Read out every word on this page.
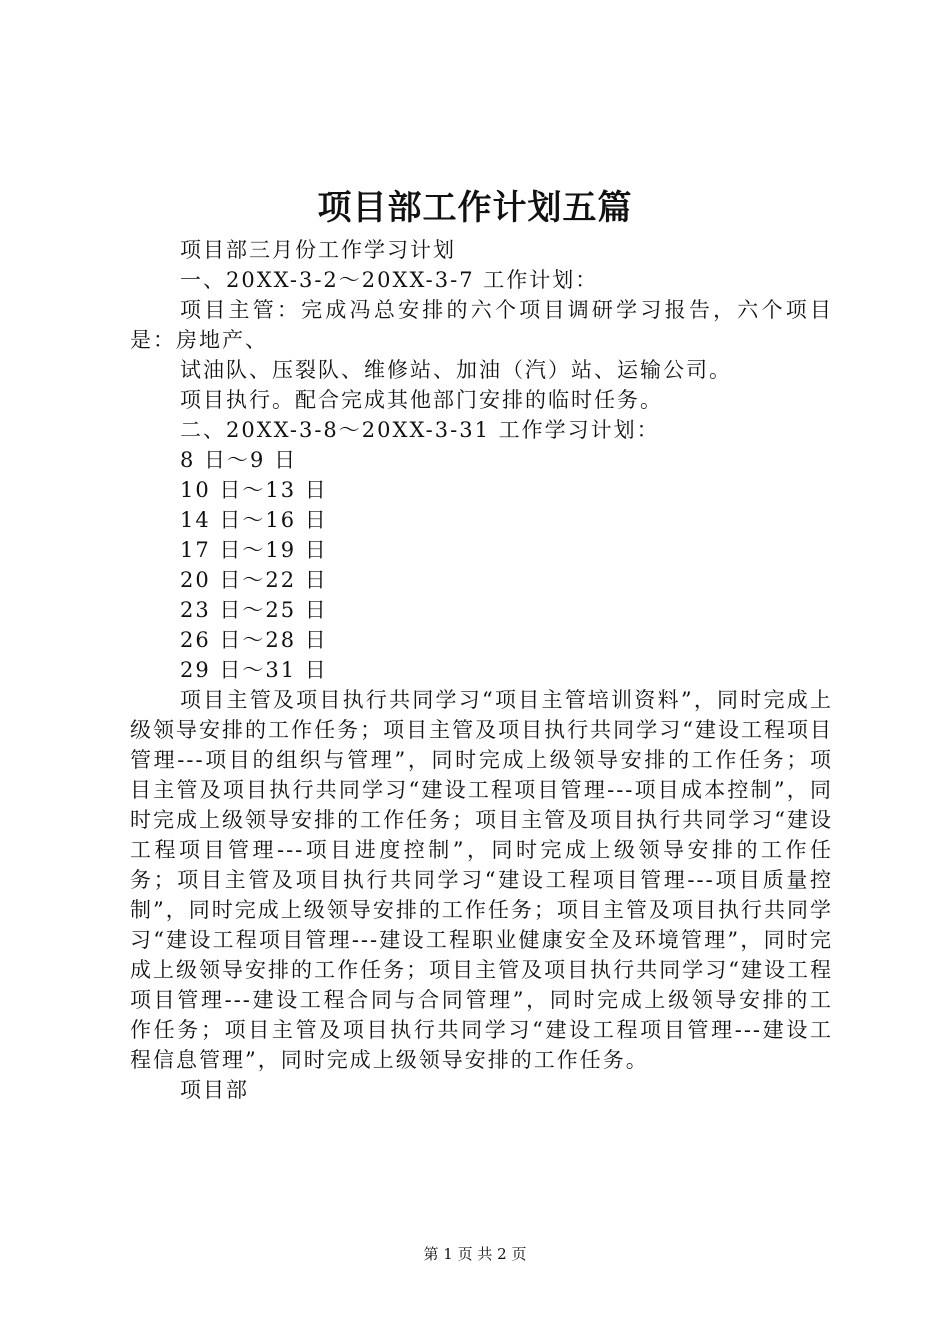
项目部工作计划五篇

项目部三月份工作学习计划

一、20XX-3-2～20XX-3-7 工作计划：

项目主管：完成冯总安排的六个项目调研学习报告，六个项目是：房地产、

试油队、压裂队、维修站、加油（汽）站、运输公司。

项目执行。配合完成其他部门安排的临时任务。

二、20XX-3-8～20XX-3-31 工作学习计划：

8 日～9 日

10 日～13 日

14 日～16 日

17 日～19 日

20 日～22 日

23 日～25 日

26 日～28 日

29 日～31 日

项目主管及项目执行共同学习“项目主管培训资料”，同时完成上级领导安排的工作任务；项目主管及项目执行共同学习“建设工程项目管理---项目的组织与管理”，同时完成上级领导安排的工作任务；项目主管及项目执行共同学习“建设工程项目管理---项目成本控制”，同时完成上级领导安排的工作任务；项目主管及项目执行共同学习“建设工程项目管理---项目进度控制”，同时完成上级领导安排的工作任务；项目主管及项目执行共同学习“建设工程项目管理---项目质量控制”，同时完成上级领导安排的工作任务；项目主管及项目执行共同学习“建设工程项目管理---建设工程职业健康安全及环境管理”，同时完成上级领导安排的工作任务；项目主管及项目执行共同学习“建设工程项目管理---建设工程合同与合同管理”，同时完成上级领导安排的工作任务；项目主管及项目执行共同学习“建设工程项目管理---建设工程信息管理”，同时完成上级领导安排的工作任务。

项目部

第 1 页 共 2 页
